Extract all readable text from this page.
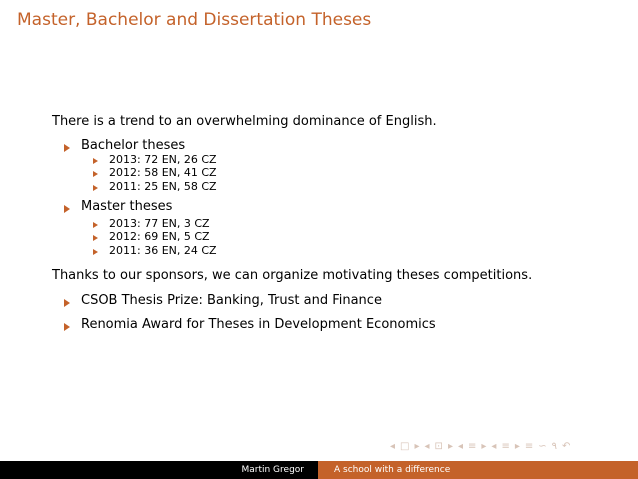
Master, Bachelor and Dissertation Theses
There is a trend to an overwhelming dominance of English.
Bachelor theses
2013: 72 EN, 26 CZ
2012: 58 EN, 41 CZ
2011: 25 EN, 58 CZ
Master theses
2013: 77 EN, 3 CZ
2012: 69 EN, 5 CZ
2011: 36 EN, 24 CZ
Thanks to our sponsors, we can organize motivating theses competitions.
CSOB Thesis Prize: Banking, Trust and Finance
Renomia Award for Theses in Development Economics
◂ □ ▸ ◂ ⊡ ▸ ◂ ≡ ▸ ◂ ≡ ▸ ≡ ∽ ۹ ↶
Martin Gregor	A school with a difference
